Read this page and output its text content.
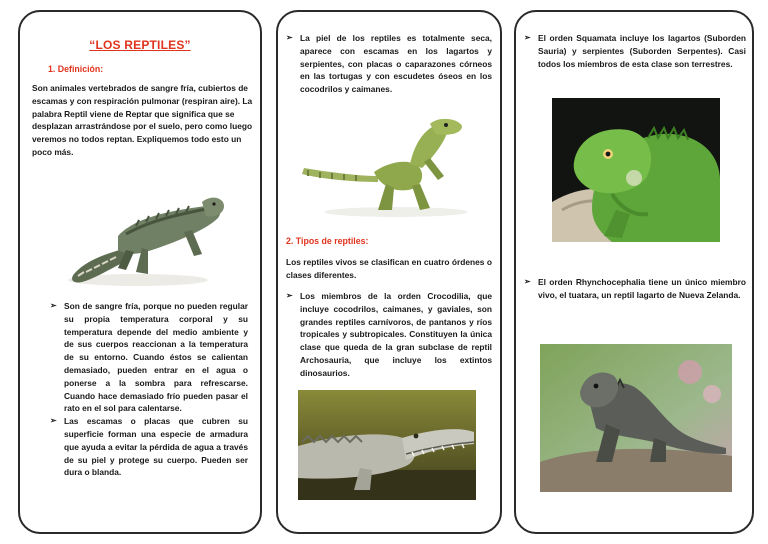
“LOS REPTILES”
1. Definición:
Son animales vertebrados de sangre fría, cubiertos de escamas y con respiración pulmonar (respiran aire). La palabra Reptil viene de Reptar que significa que se desplazan arrastrándose por el suelo, pero como luego veremos no todos reptan. Expliquemos todo esto un poco más.
➢ Son de sangre fría, porque no pueden regular su propia temperatura corporal y su temperatura depende del medio ambiente y de sus cuerpos reaccionan a la temperatura de su entorno. Cuando éstos se calientan demasiado, pueden entrar en el agua o ponerse a la sombra para refrescarse. Cuando hace demasiado frío pueden pasar el rato en el sol para calentarse.
➢ Las escamas o placas que cubren su superficie forman una especie de armadura que ayuda a evitar la pérdida de agua a través de su piel y protege su cuerpo. Pueden ser dura o blanda.
➢ La piel de los reptiles es totalmente seca, aparece con escamas en los lagartos y serpientes, con placas o caparazones córneos en las tortugas y con escudetes óseos en los cocodrilos y caimanes.
2. Tipos de reptiles:
Los reptiles vivos se clasifican en cuatro órdenes o clases diferentes.
➢ Los miembros de la orden Crocodilia, que incluye cocodrilos, caimanes, y gaviales, son grandes reptiles carnívoros, de pantanos y ríos tropicales y subtropicales. Constituyen la única clase que queda de la gran subclase de reptil Archosauria, que incluye los extintos dinosaurios.
➢ El orden Squamata incluye los lagartos (Suborden Sauria) y serpientes (Suborden Serpentes). Casi todos los miembros de esta clase son terrestres.
➢ El orden Rhynchocephalia tiene un único miembro vivo, el tuatara, un reptil lagarto de Nueva Zelanda.
